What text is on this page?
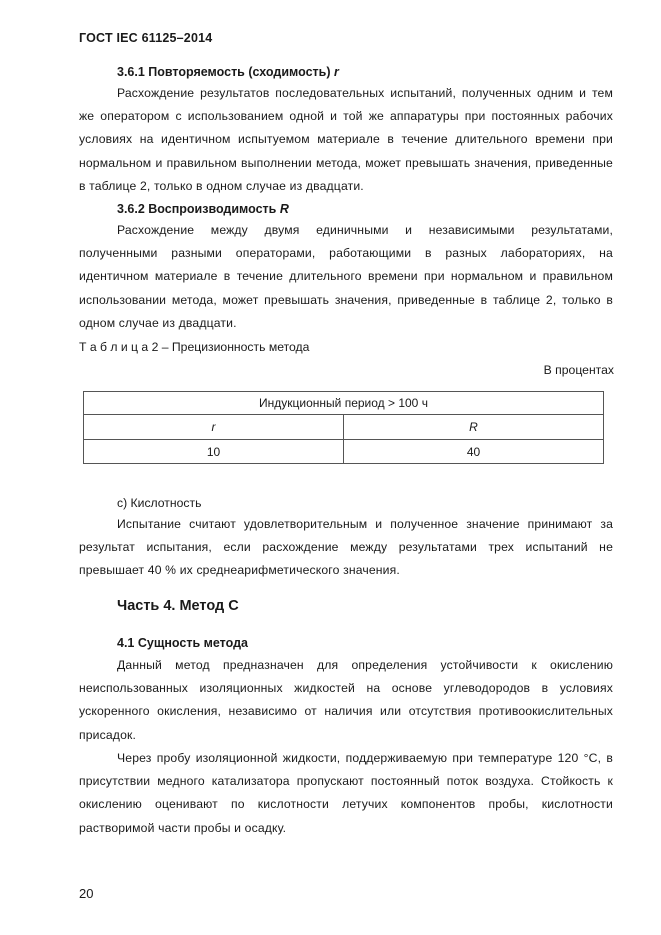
ГОСТ IEC 61125–2014
3.6.1 Повторяемость (сходимость) r

Расхождение результатов последовательных испытаний, полученных одним и тем же оператором с использованием одной и той же аппаратуры при постоянных рабочих условиях на идентичном испытуемом материале в течение длительного времени при нормальном и правильном выполнении метода, может превышать значения, приведенные в таблице 2, только в одном случае из двадцати.

3.6.2 Воспроизводимость R

Расхождение между двумя единичными и независимыми результатами, полученными разными операторами, работающими в разных лабораториях, на идентичном материале в течение длительного времени при нормальном и правильном использовании метода, может превышать значения, приведенные в таблице 2, только в одном случае из двадцати.

Т а б л и ц а 2 – Прецизионность метода
В процентах
Индукционный период > 100 ч	
r	R
10	40
с) Кислотность

Испытание считают удовлетворительным и полученное значение принимают за результат испытания, если расхождение между результатами трех испытаний не превышает 40 % их среднеарифметического значения.

Часть 4. Метод С
4.1 Сущность метода

Данный метод предназначен для определения устойчивости к окислению неиспользованных изоляционных жидкостей на основе углеводородов в условиях ускоренного окисления, независимо от наличия или отсутствия противоокислительных присадок.

Через пробу изоляционной жидкости, поддерживаемую при температуре 120 °С, в присутствии медного катализатора пропускают постоянный поток воздуха. Стойкость к окислению оценивают по кислотности летучих компонентов пробы, кислотности растворимой части пробы и осадку.

20
